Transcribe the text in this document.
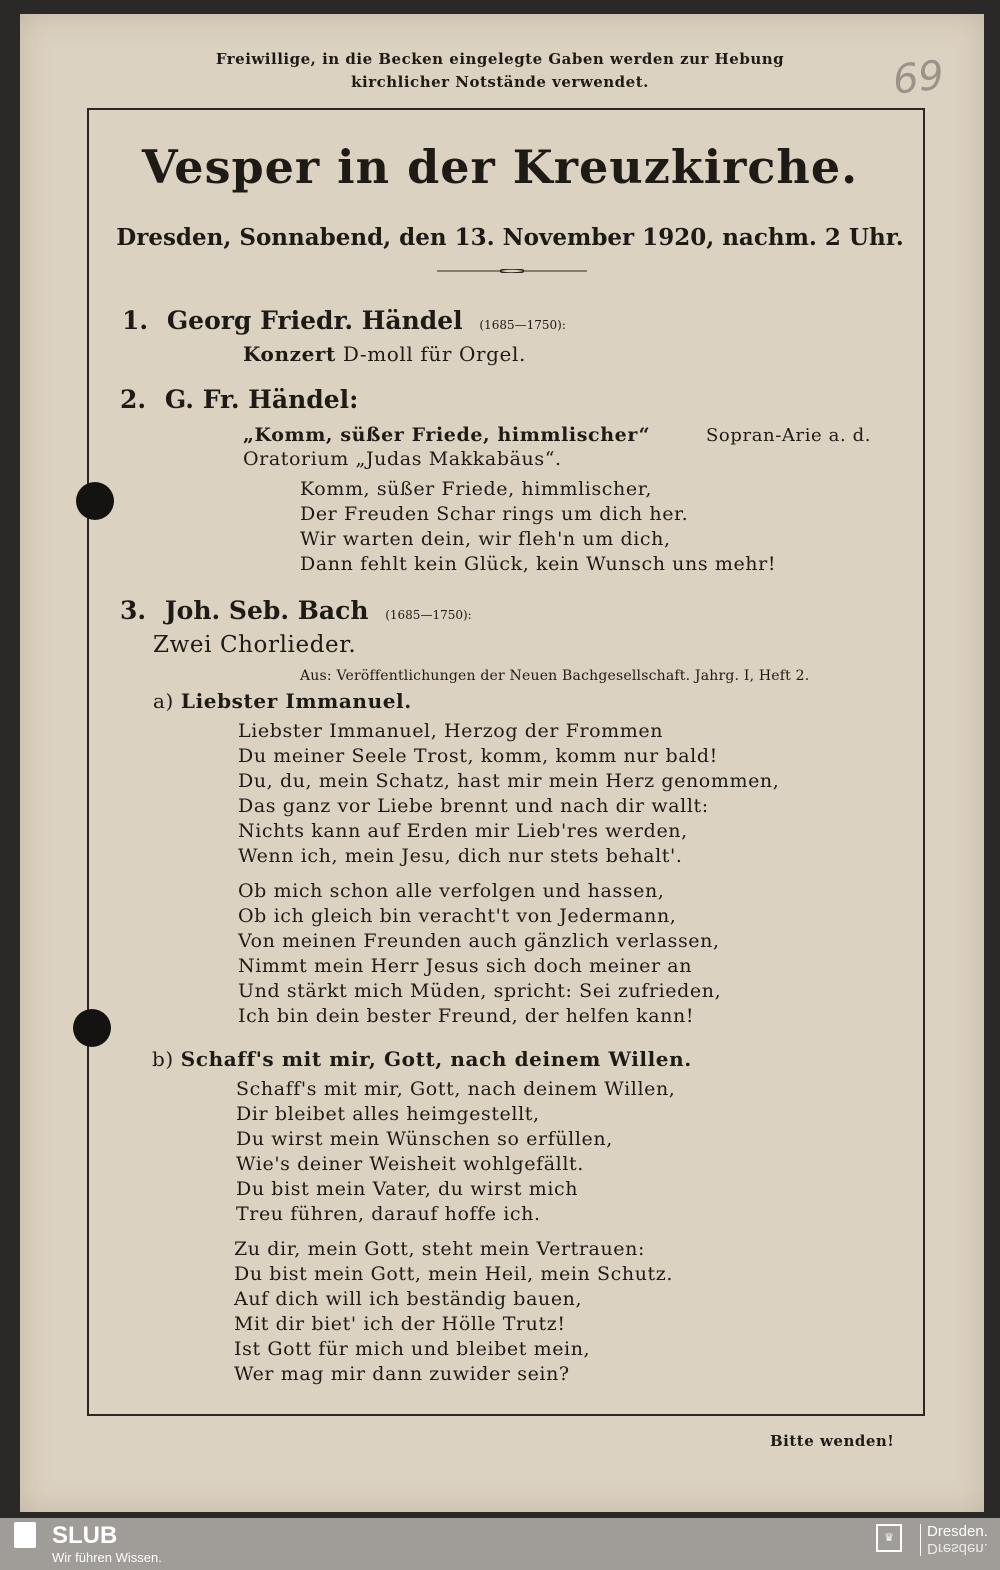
Freiwillige, in die Becken eingelegte Gaben werden zur Hebung
kirchlicher Notstände verwendet.	69
Vesper in der Kreuzkirche.
Dresden, Sonnabend, den 13. November 1920, nachm. 2 Uhr.
1. Georg Friedr. Händel (1685—1750):
Konzert D-moll für Orgel.
2. G. Fr. Händel:
„Komm, süßer Friede, himmlischer“	Sopran-Arie a. d.
Oratorium „Judas Makkabäus“.
Komm, süßer Friede, himmlischer,
Der Freuden Schar rings um dich her.
Wir warten dein, wir fleh'n um dich,
Dann fehlt kein Glück, kein Wunsch uns mehr!
3. Joh. Seb. Bach (1685—1750):
Zwei Chorlieder.
Aus: Veröffentlichungen der Neuen Bachgesellschaft. Jahrg. I, Heft 2.
a) Liebster Immanuel.
Liebster Immanuel, Herzog der Frommen
Du meiner Seele Trost, komm, komm nur bald!
Du, du, mein Schatz, hast mir mein Herz genommen,
Das ganz vor Liebe brennt und nach dir wallt:
Nichts kann auf Erden mir Lieb'res werden,
Wenn ich, mein Jesu, dich nur stets behalt'.
Ob mich schon alle verfolgen und hassen,
Ob ich gleich bin veracht't von Jedermann,
Von meinen Freunden auch gänzlich verlassen,
Nimmt mein Herr Jesus sich doch meiner an
Und stärkt mich Müden, spricht: Sei zufrieden,
Ich bin dein bester Freund, der helfen kann!
b) Schaff's mit mir, Gott, nach deinem Willen.
Schaff's mit mir, Gott, nach deinem Willen,
Dir bleibet alles heimgestellt,
Du wirst mein Wünschen so erfüllen,
Wie's deiner Weisheit wohlgefällt.
Du bist mein Vater, du wirst mich
Treu führen, darauf hoffe ich.
Zu dir, mein Gott, steht mein Vertrauen:
Du bist mein Gott, mein Heil, mein Schutz.
Auf dich will ich beständig bauen,
Mit dir biet' ich der Hölle Trutz!
Ist Gott für mich und bleibet mein,
Wer mag mir dann zuwider sein?
Bitte wenden!
SLUB
Wir führen Wissen.
♛	Dresden.
Dresden.
